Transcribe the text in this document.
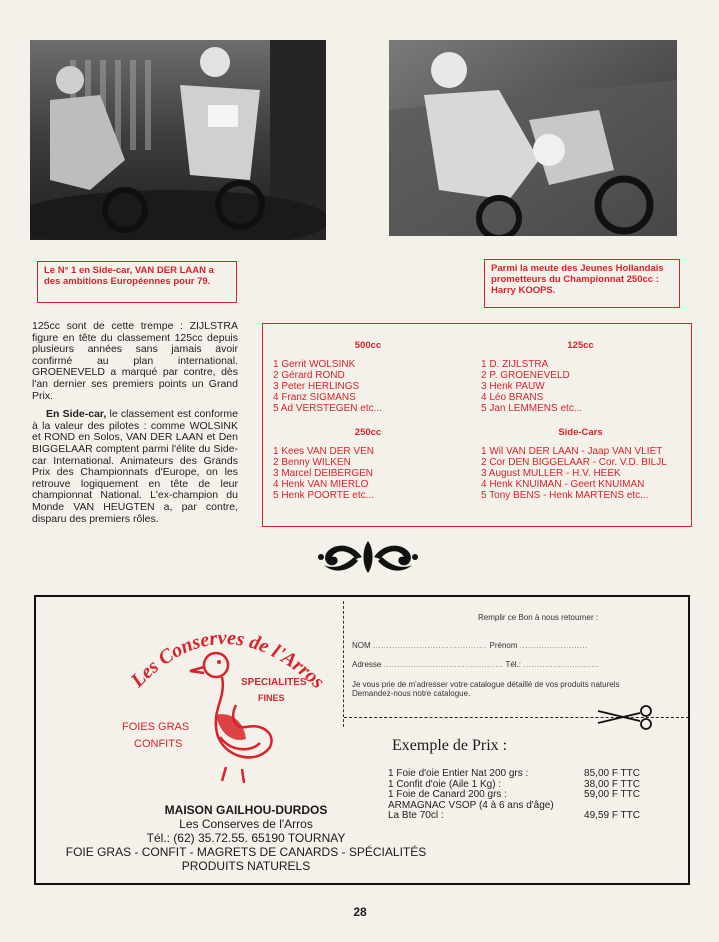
Le N° 1 en Side-car, VAN DER LAAN a des ambitions Européennes pour 79.
Parmi la meute des Jeunes Hollandais prometteurs du Championnat 250cc : Harry KOOPS.

125cc sont de cette trempe : ZIJLSTRA figure en tête du classement 125cc depuis plusieurs années sans jamais avoir confirmé au plan international. GROENEVELD a marqué par contre, dès l'an dernier ses premiers points un Grand Prix.

En Side-car, le classement est conforme à la valeur des pilotes : comme WOLSINK et ROND en Solos, VAN DER LAAN et Den BIGGELAAR comptent parmi l'élite du Side-car International. Animateurs des Grands Prix des Championnats d'Europe, on les retrouve logiquement en tête de leur championnat National. L'ex-champion du Monde VAN HEUGTEN a, par contre, disparu des premiers rôles.

500cc
1 Gerrit WOLSINK
2 Gérard ROND
3 Peter HERLINGS
4 Franz SIGMANS
5 Ad VERSTEGEN etc...
250cc
1 Kees VAN DER VEN
2 Benny WILKEN
3 Marcel DEIBERGEN
4 Henk VAN MIERLO
5 Henk POORTE etc...
125cc
1 D. ZIJLSTRA
2 P. GROENEVELD
3 Henk PAUW
4 Léo BRANS
5 Jan LEMMENS etc...
Side-Cars
1 Wil VAN DER LAAN - Jaap VAN VLIET
2 Cor DEN BIGGELAAR - Cor. V.D. BILJL
3 August MULLER - H.V. HEEK
4 Henk KNUIMAN - Geert KNUIMAN
5 Tony BENS - Henk MARTENS etc...
Les Conserves de l'Arros
SPECIALITES
FINES
FOIES GRAS
CONFITS
MAISON GAILHOU-DURDOS
Les Conserves de l'Arros
Tél.: (62) 35.72.55. 65190 TOURNAY
FOIE GRAS - CONFIT - MAGRETS DE CANARDS - SPÉCIALITÉS
PRODUITS NATURELS
Remplir ce Bon à nous retourner :
NOM .......................................... Prénom .........................
Adresse ............................................ Tél.: ............................
Je vous prie de m'adresser votre catalogue détaillé de vos produits naturels
Demandez-nous notre catalogue.
Exemple de Prix :
1 Foie d'oie Entier Nat 200 grs :	85,00 F TTC
1 Confit d'oie (Aile 1 Kg) :	38,00 F TTC
1 Foie de Canard 200 grs :	59,00 F TTC
ARMAGNAC VSOP (4 à 6 ans d'âge)
La Bte 70cl :	49,59 F TTC
28
